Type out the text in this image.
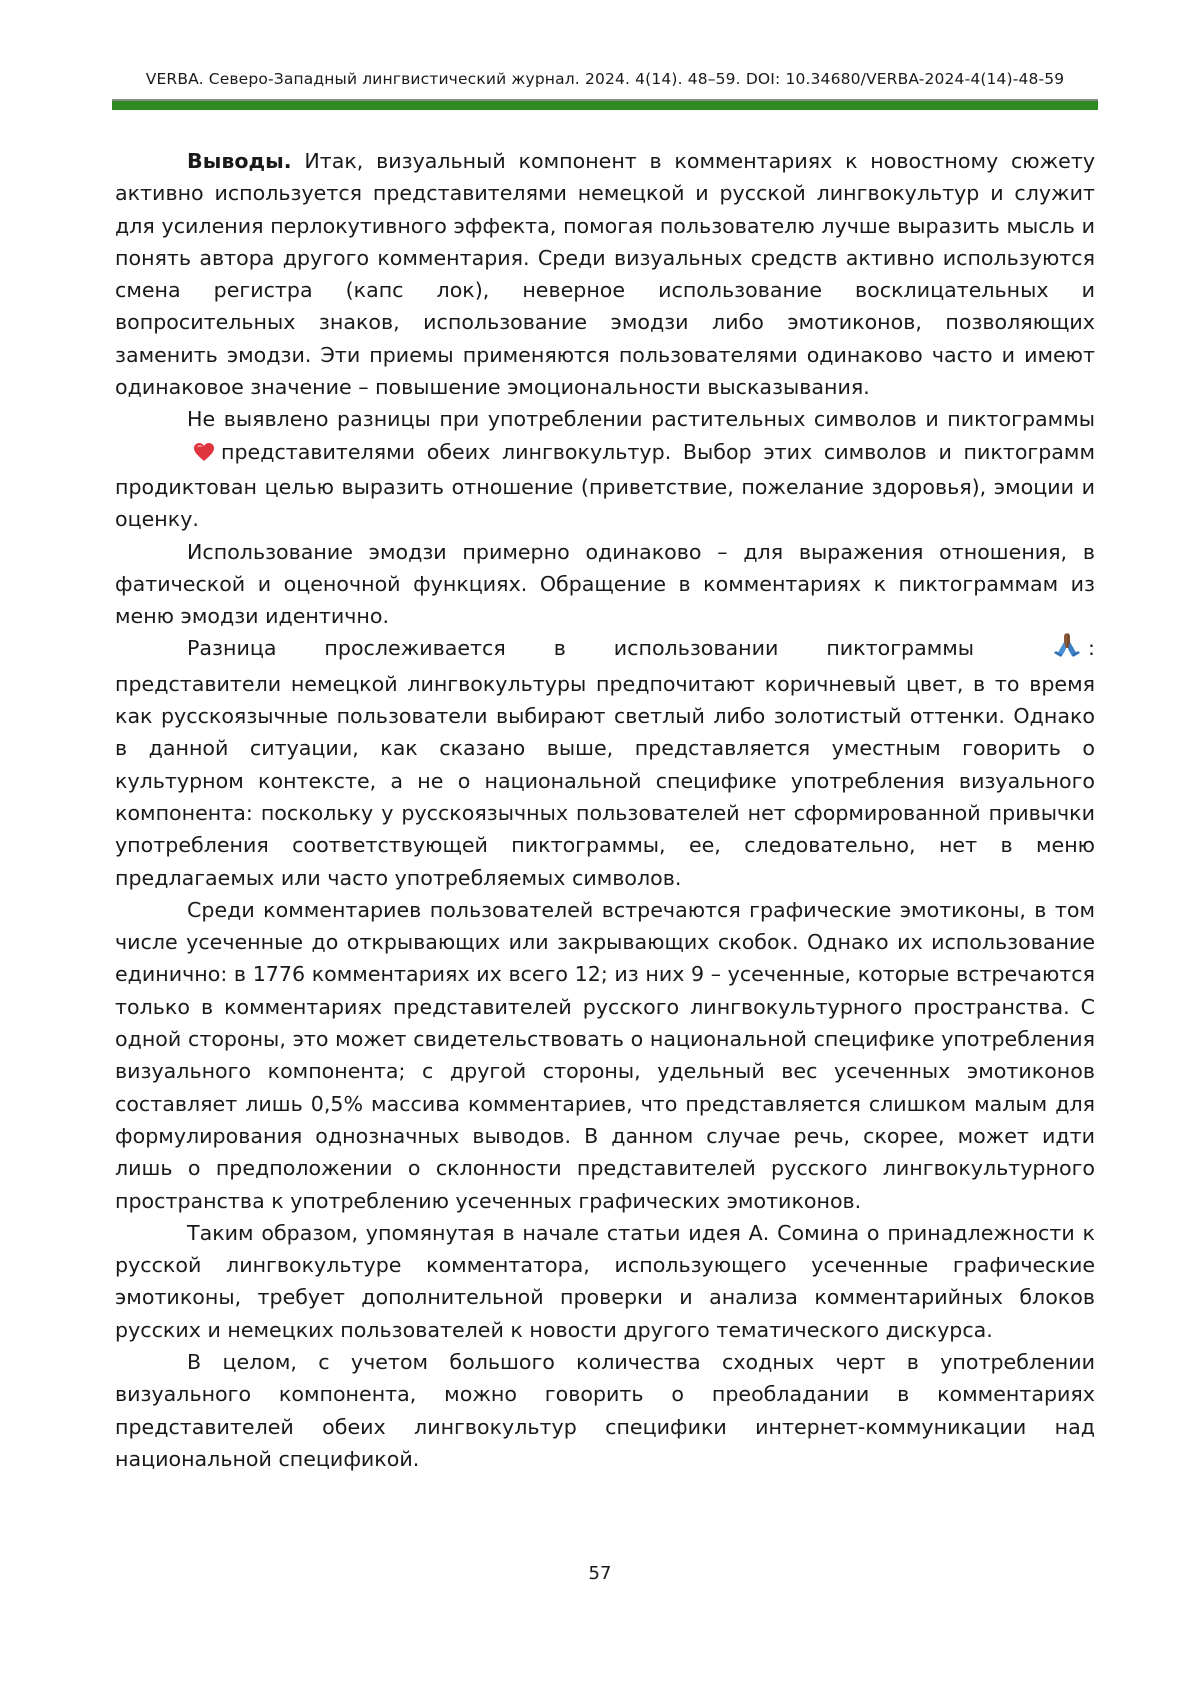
VERBA. Северо-Западный лингвистический журнал. 2024. 4(14). 48–59. DOI: 10.34680/VERBA-2024-4(14)-48-59

Выводы. Итак, визуальный компонент в комментариях к новостному сюжету активно используется представителями немецкой и русской лингвокультур и служит для усиления перлокутивного эффекта, помогая пользователю лучше выразить мысль и понять автора другого комментария. Среди визуальных средств активно используются смена регистра (капс лок), неверное использование восклицательных и вопросительных знаков, использование эмодзи либо эмотиконов, позволяющих заменить эмодзи. Эти приемы применяются пользователями одинаково часто и имеют одинаковое значение – повышение эмоциональности высказывания.

Не выявлено разницы при употреблении растительных символов и пиктограммыпредставителями обеих лингвокультур. Выбор этих символов и пиктограмм продиктован целью выразить отношение (приветствие, пожелание здоровья), эмоции и оценку.

Использование эмодзи примерно одинаково – для выражения отношения, в фатической и оценочной функциях. Обращение в комментариях к пиктограммам из меню эмодзи идентично.

Разница прослеживается в использовании пиктограммы	: представители немецкой лингвокультуры предпочитают коричневый цвет, в то время как русскоязычные пользователи выбирают светлый либо золотистый оттенки. Однако в данной ситуации, как сказано выше, представляется уместным говорить о культурном контексте, а не о национальной специфике употребления визуального компонента: поскольку у русскоязычных пользователей нет сформированной привычки употребления соответствующей пиктограммы, ее, следовательно, нет в меню предлагаемых или часто употребляемых символов.

Среди комментариев пользователей встречаются графические эмотиконы, в том числе усеченные до открывающих или закрывающих скобок. Однако их использование единично: в 1776 комментариях их всего 12; из них 9 – усеченные, которые встречаются только в комментариях представителей русского лингвокультурного пространства. С одной стороны, это может свидетельствовать о национальной специфике употребления визуального компонента; с другой стороны, удельный вес усеченных эмотиконов составляет лишь 0,5% массива комментариев, что представляется слишком малым для формулирования однозначных выводов. В данном случае речь, скорее, может идти лишь о предположении о склонности представителей русского лингвокультурного пространства к употреблению усеченных графических эмотиконов.

Таким образом, упомянутая в начале статьи идея А. Сомина о принадлежности к русской лингвокультуре комментатора, использующего усеченные графические эмотиконы, требует дополнительной проверки и анализа комментарийных блоков русских и немецких пользователей к новости другого тематического дискурса.

В целом, с учетом большого количества сходных черт в употреблении визуального компонента, можно говорить о преобладании в комментариях представителей обеих лингвокультур специфики интернет-коммуникации над национальной спецификой.

57
